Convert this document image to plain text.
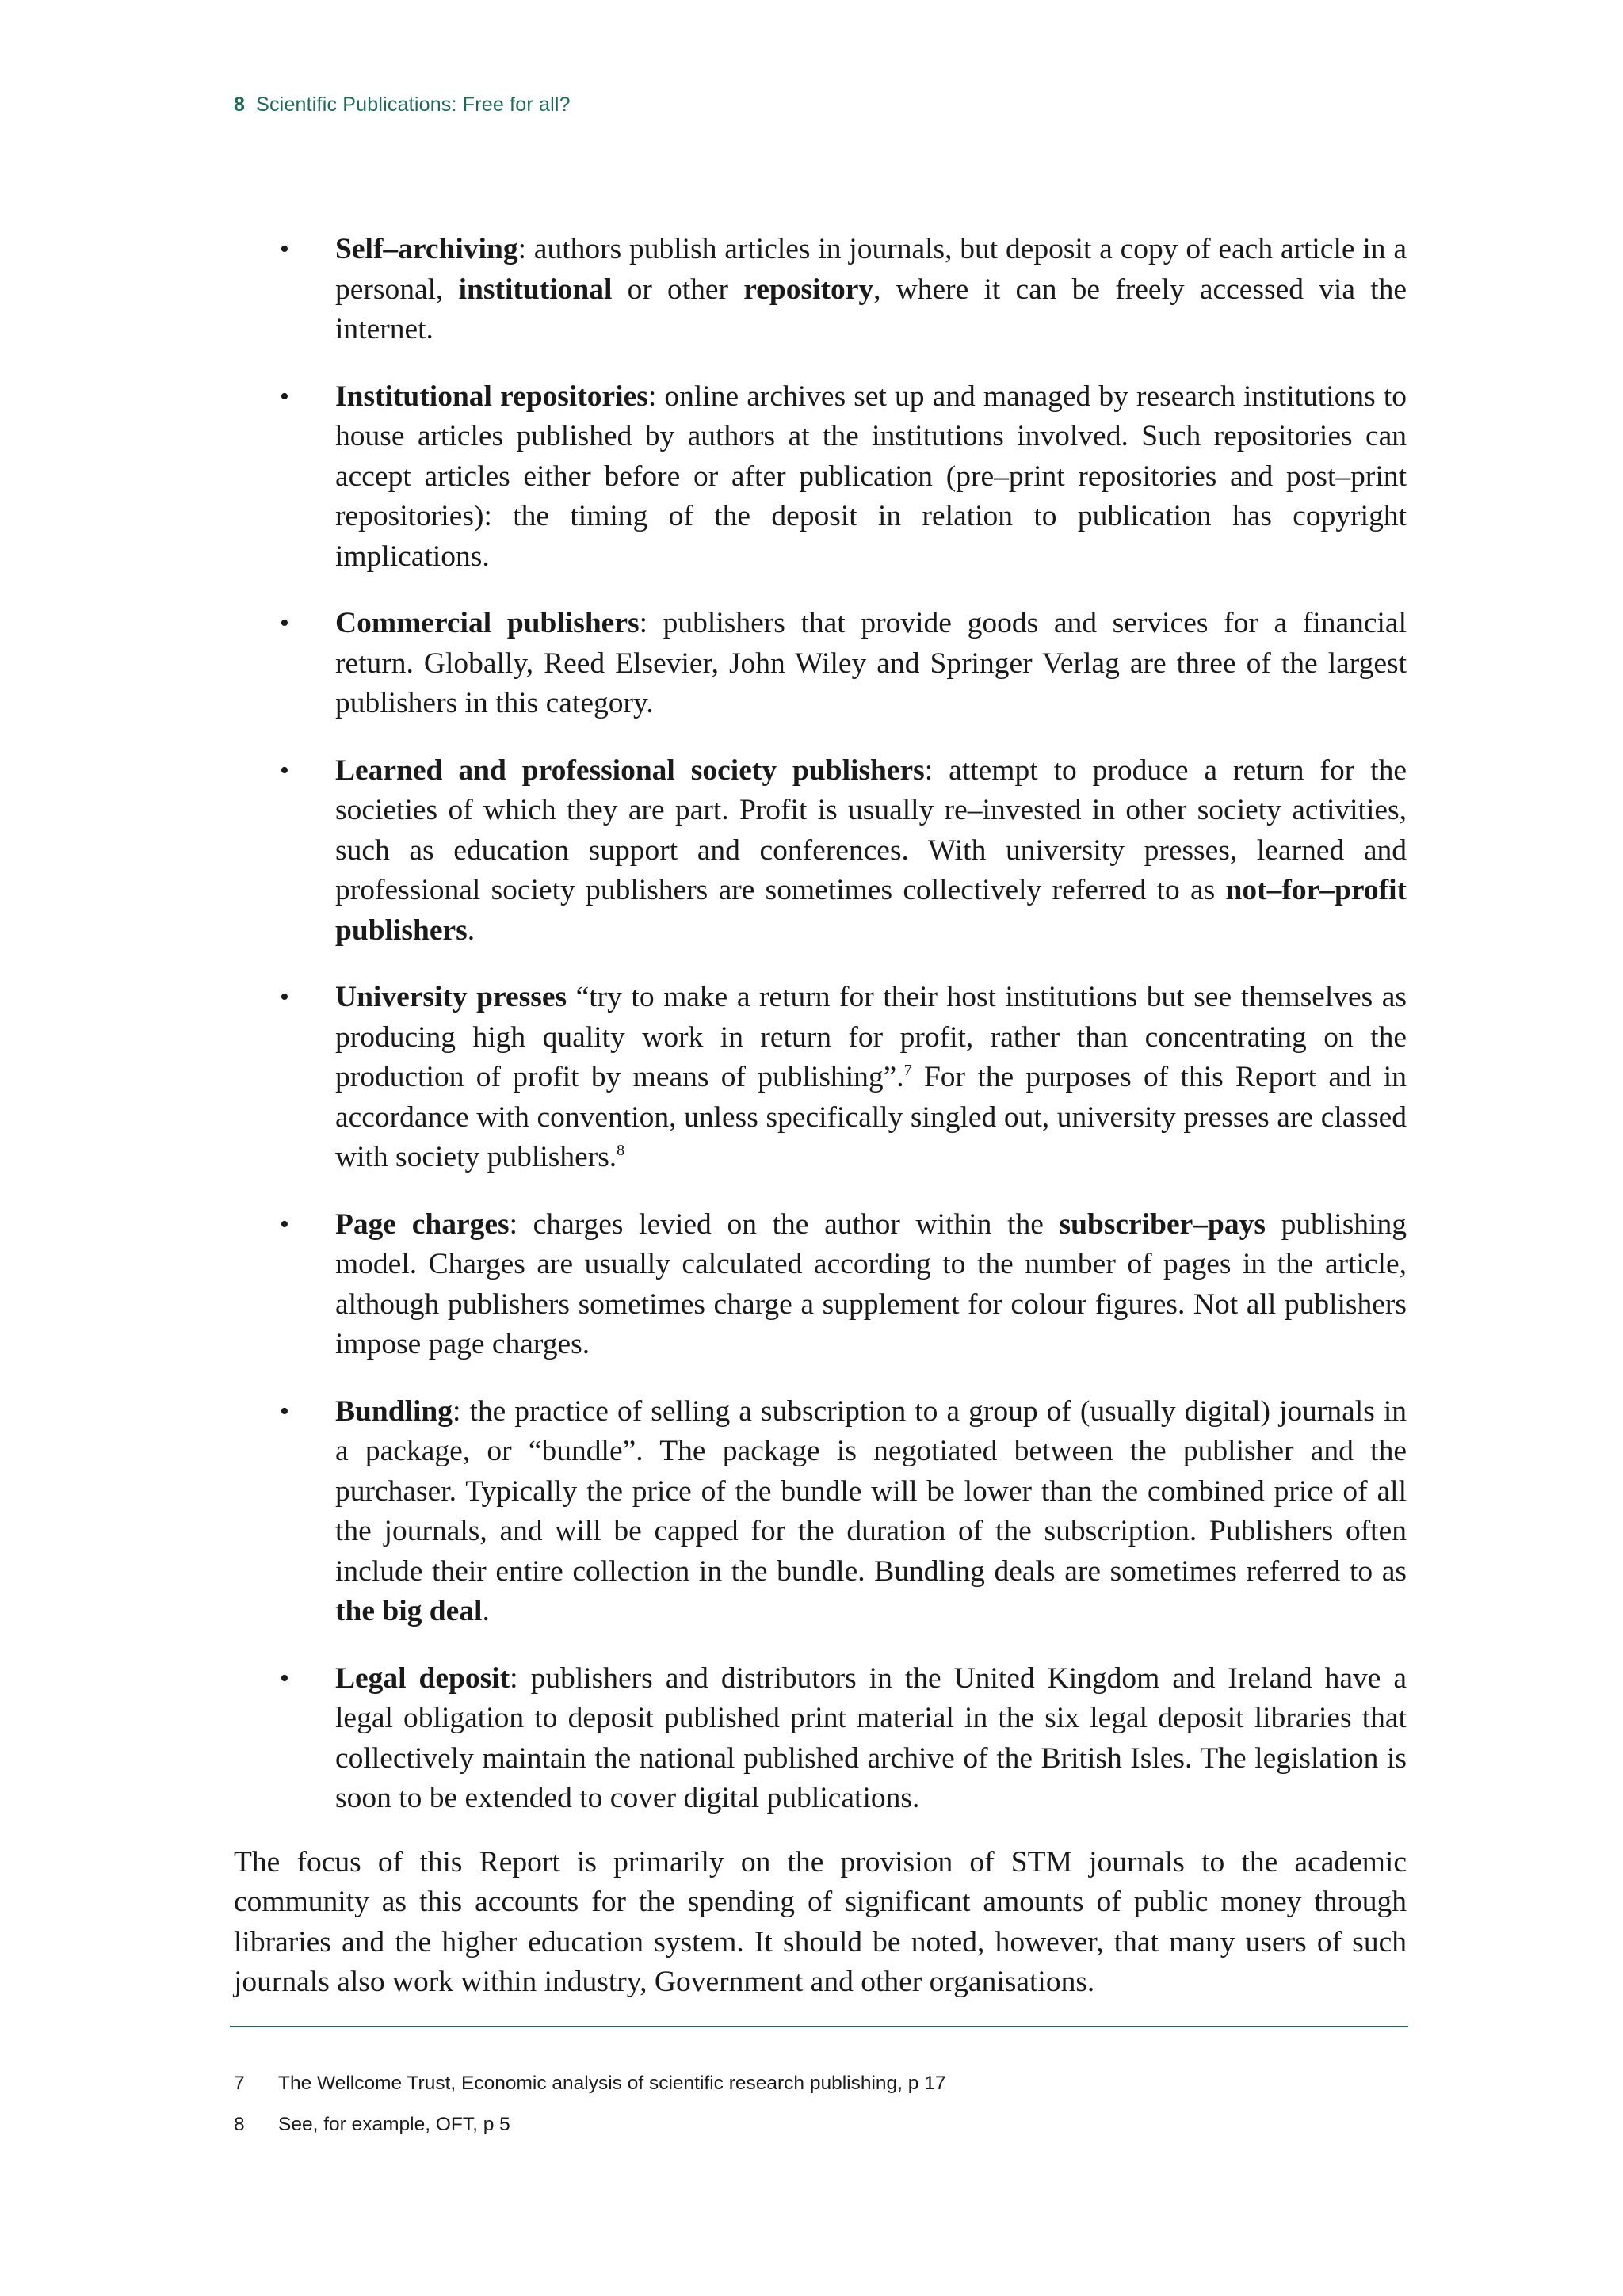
8 Scientific Publications: Free for all?
• Self–archiving: authors publish articles in journals, but deposit a copy of each article in a personal, institutional or other repository, where it can be freely accessed via the internet.
• Institutional repositories: online archives set up and managed by research institutions to house articles published by authors at the institutions involved. Such repositories can accept articles either before or after publication (pre–print repositories and post–print repositories): the timing of the deposit in relation to publication has copyright implications.
• Commercial publishers: publishers that provide goods and services for a financial return. Globally, Reed Elsevier, John Wiley and Springer Verlag are three of the largest publishers in this category.
• Learned and professional society publishers: attempt to produce a return for the societies of which they are part. Profit is usually re–invested in other society activities, such as education support and conferences. With university presses, learned and professional society publishers are sometimes collectively referred to as not–for–profit publishers.
• University presses “try to make a return for their host institutions but see themselves as producing high quality work in return for profit, rather than concentrating on the production of profit by means of publishing”.$^7$ For the purposes of this Report and in accordance with convention, unless specifically singled out, university presses are classed with society publishers.$^8$
• Page charges: charges levied on the author within the subscriber–pays publishing model. Charges are usually calculated according to the number of pages in the article, although publishers sometimes charge a supplement for colour figures. Not all publishers impose page charges.
• Bundling: the practice of selling a subscription to a group of (usually digital) journals in a package, or “bundle”. The package is negotiated between the publisher and the purchaser. Typically the price of the bundle will be lower than the combined price of all the journals, and will be capped for the duration of the subscription. Publishers often include their entire collection in the bundle. Bundling deals are sometimes referred to as the big deal.
• Legal deposit: publishers and distributors in the United Kingdom and Ireland have a legal obligation to deposit published print material in the six legal deposit libraries that collectively maintain the national published archive of the British Isles. The legislation is soon to be extended to cover digital publications.

The focus of this Report is primarily on the provision of STM journals to the academic community as this accounts for the spending of significant amounts of public money through libraries and the higher education system. It should be noted, however, that many users of such journals also work within industry, Government and other organisations.

7	The Wellcome Trust, Economic analysis of scientific research publishing, p 17
8	See, for example, OFT, p 5
